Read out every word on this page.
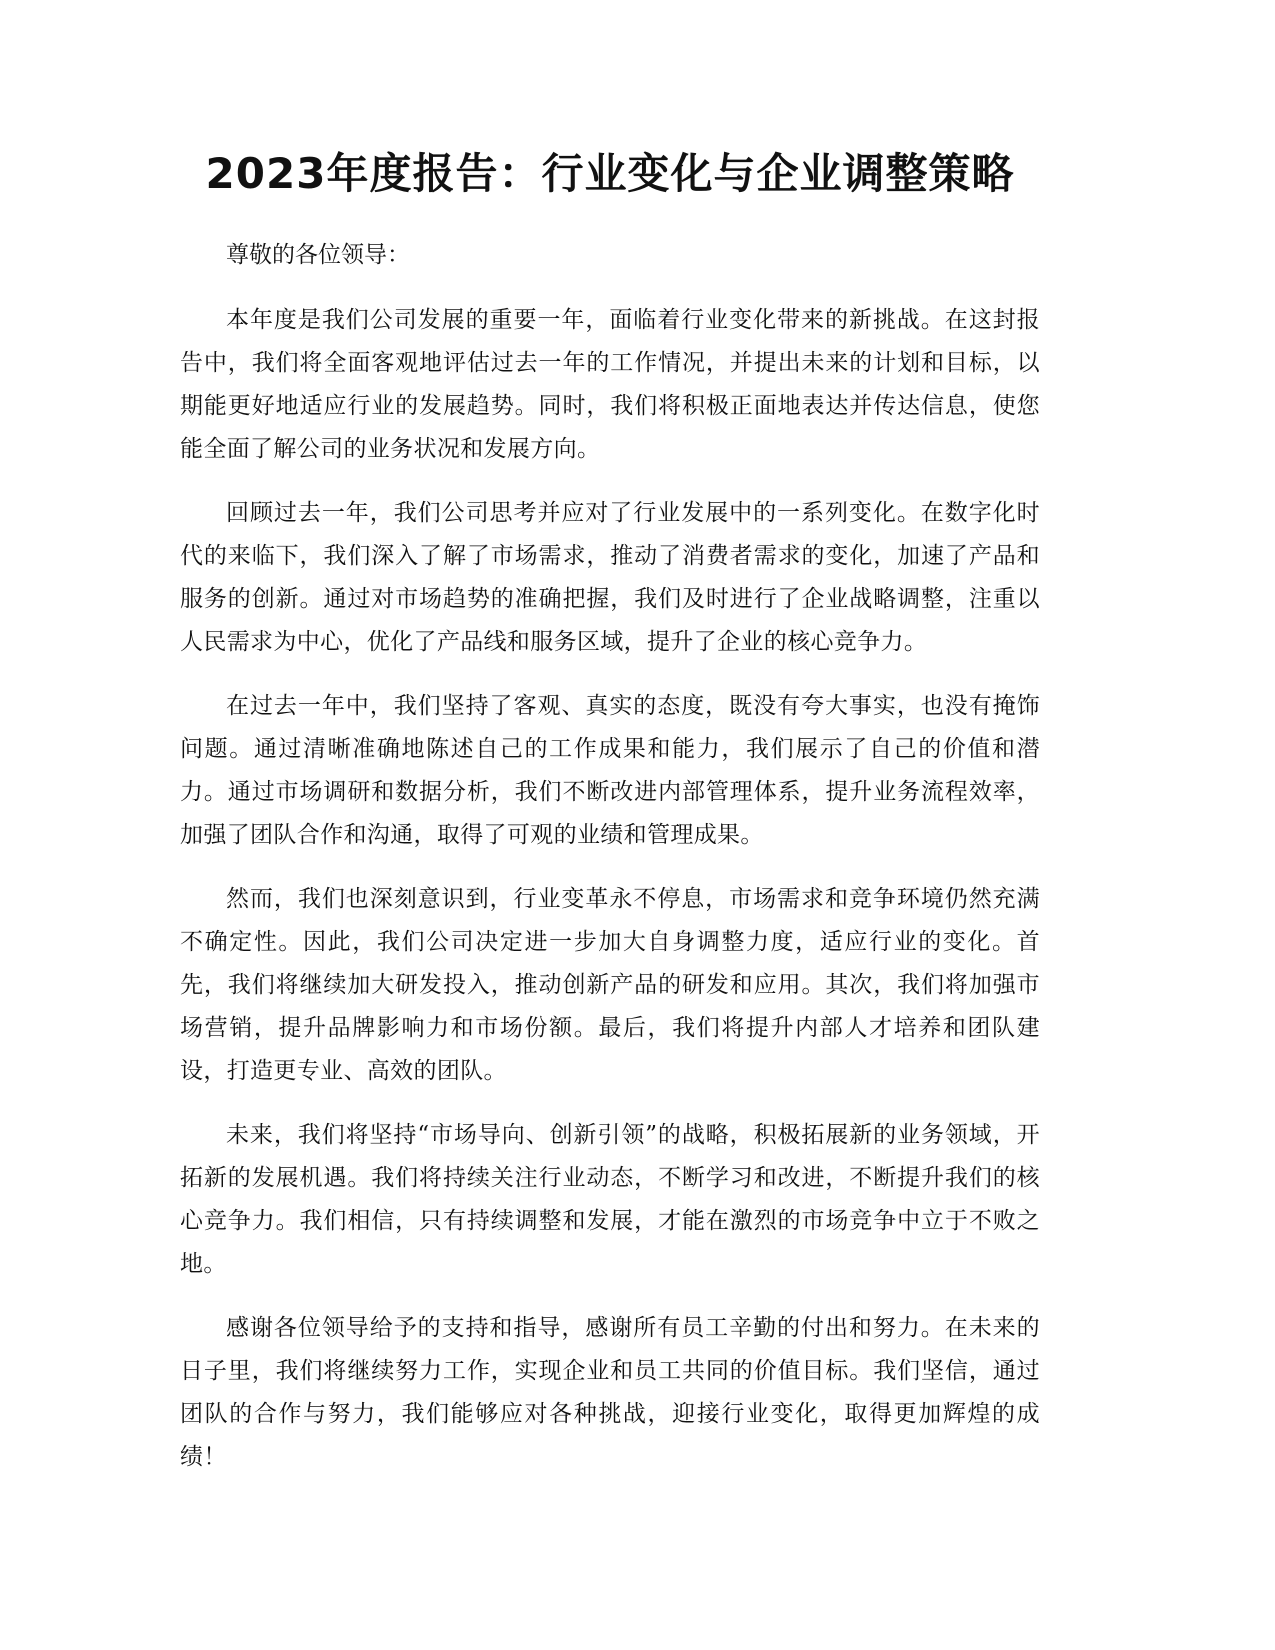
2023年度报告：行业变化与企业调整策略

尊敬的各位领导：

本年度是我们公司发展的重要一年，面临着行业变化带来的新挑战。在这封报告中，我们将全面客观地评估过去一年的工作情况，并提出未来的计划和目标，以期能更好地适应行业的发展趋势。同时，我们将积极正面地表达并传达信息，使您能全面了解公司的业务状况和发展方向。

回顾过去一年，我们公司思考并应对了行业发展中的一系列变化。在数字化时代的来临下，我们深入了解了市场需求，推动了消费者需求的变化，加速了产品和服务的创新。通过对市场趋势的准确把握，我们及时进行了企业战略调整，注重以人民需求为中心，优化了产品线和服务区域，提升了企业的核心竞争力。

在过去一年中，我们坚持了客观、真实的态度，既没有夸大事实，也没有掩饰问题。通过清晰准确地陈述自己的工作成果和能力，我们展示了自己的价值和潜力。通过市场调研和数据分析，我们不断改进内部管理体系，提升业务流程效率，加强了团队合作和沟通，取得了可观的业绩和管理成果。

然而，我们也深刻意识到，行业变革永不停息，市场需求和竞争环境仍然充满不确定性。因此，我们公司决定进一步加大自身调整力度，适应行业的变化。首先，我们将继续加大研发投入，推动创新产品的研发和应用。其次，我们将加强市场营销，提升品牌影响力和市场份额。最后，我们将提升内部人才培养和团队建设，打造更专业、高效的团队。

未来，我们将坚持“市场导向、创新引领”的战略，积极拓展新的业务领域，开拓新的发展机遇。我们将持续关注行业动态，不断学习和改进，不断提升我们的核心竞争力。我们相信，只有持续调整和发展，才能在激烈的市场竞争中立于不败之地。

感谢各位领导给予的支持和指导，感谢所有员工辛勤的付出和努力。在未来的日子里，我们将继续努力工作，实现企业和员工共同的价值目标。我们坚信，通过团队的合作与努力，我们能够应对各种挑战，迎接行业变化，取得更加辉煌的成绩！
